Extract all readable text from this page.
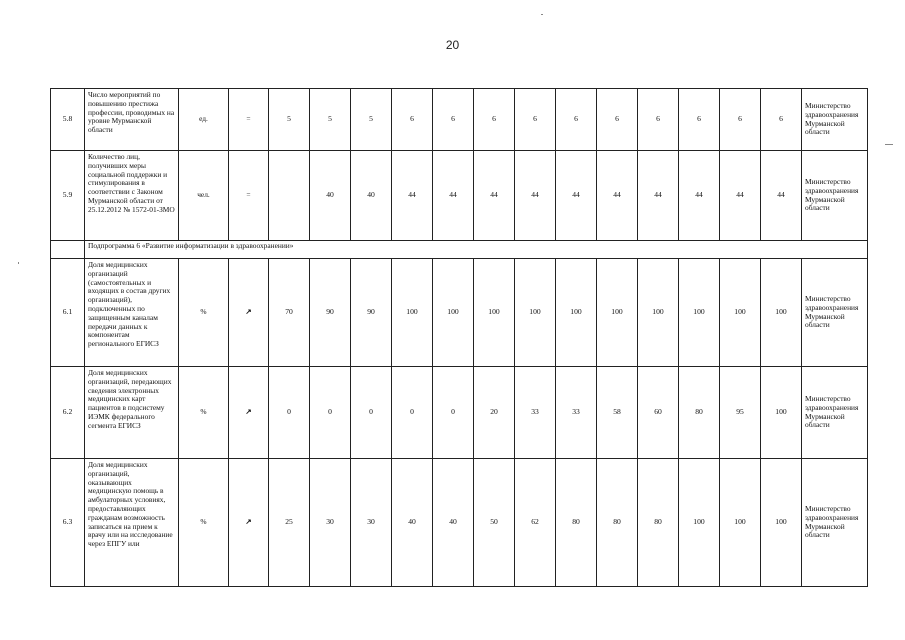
20
5.8	Число мероприятий по повышению престижа профессии, проводимых на уровне Мурманской области	ед.	=	5	5	5	6	6	6	6	6	6	6	6	6	6	Министерство здравоохранения Мурманской области
5.9	Количество лиц, получивших меры социальной поддержки и стимулирования в соответствии с Законом Мурманской области от 25.12.2012 № 1572-01-ЗМО	чел.	=		40	40	44	44	44	44	44	44	44	44	44	44	Министерство здравоохранения Мурманской области
	Подпрограмма 6 «Развитие информатизации в здравоохранении»																
6.1	Доля медицинских организаций (самостоятельных и входящих в состав других организаций), подключенных по защищенным каналам передачи данных к компонентам регионального ЕГИСЗ	%	↗	70	90	90	100	100	100	100	100	100	100	100	100	100	Министерство здравоохранения Мурманской области
6.2	Доля медицинских организаций, передающих сведения электронных медицинских карт пациентов в подсистему ИЭМК федерального сегмента ЕГИСЗ	%	↗	0	0	0	0	0	20	33	33	58	60	80	95	100	Министерство здравоохранения Мурманской области
6.3	Доля медицинских организаций, оказывающих медицинскую помощь в амбулаторных условиях, предоставляющих гражданам возможность записаться на прием к врачу или на исследование через ЕПГУ или	%	↗	25	30	30	40	40	50	62	80	80	80	100	100	100	Министерство здравоохранения Мурманской области
